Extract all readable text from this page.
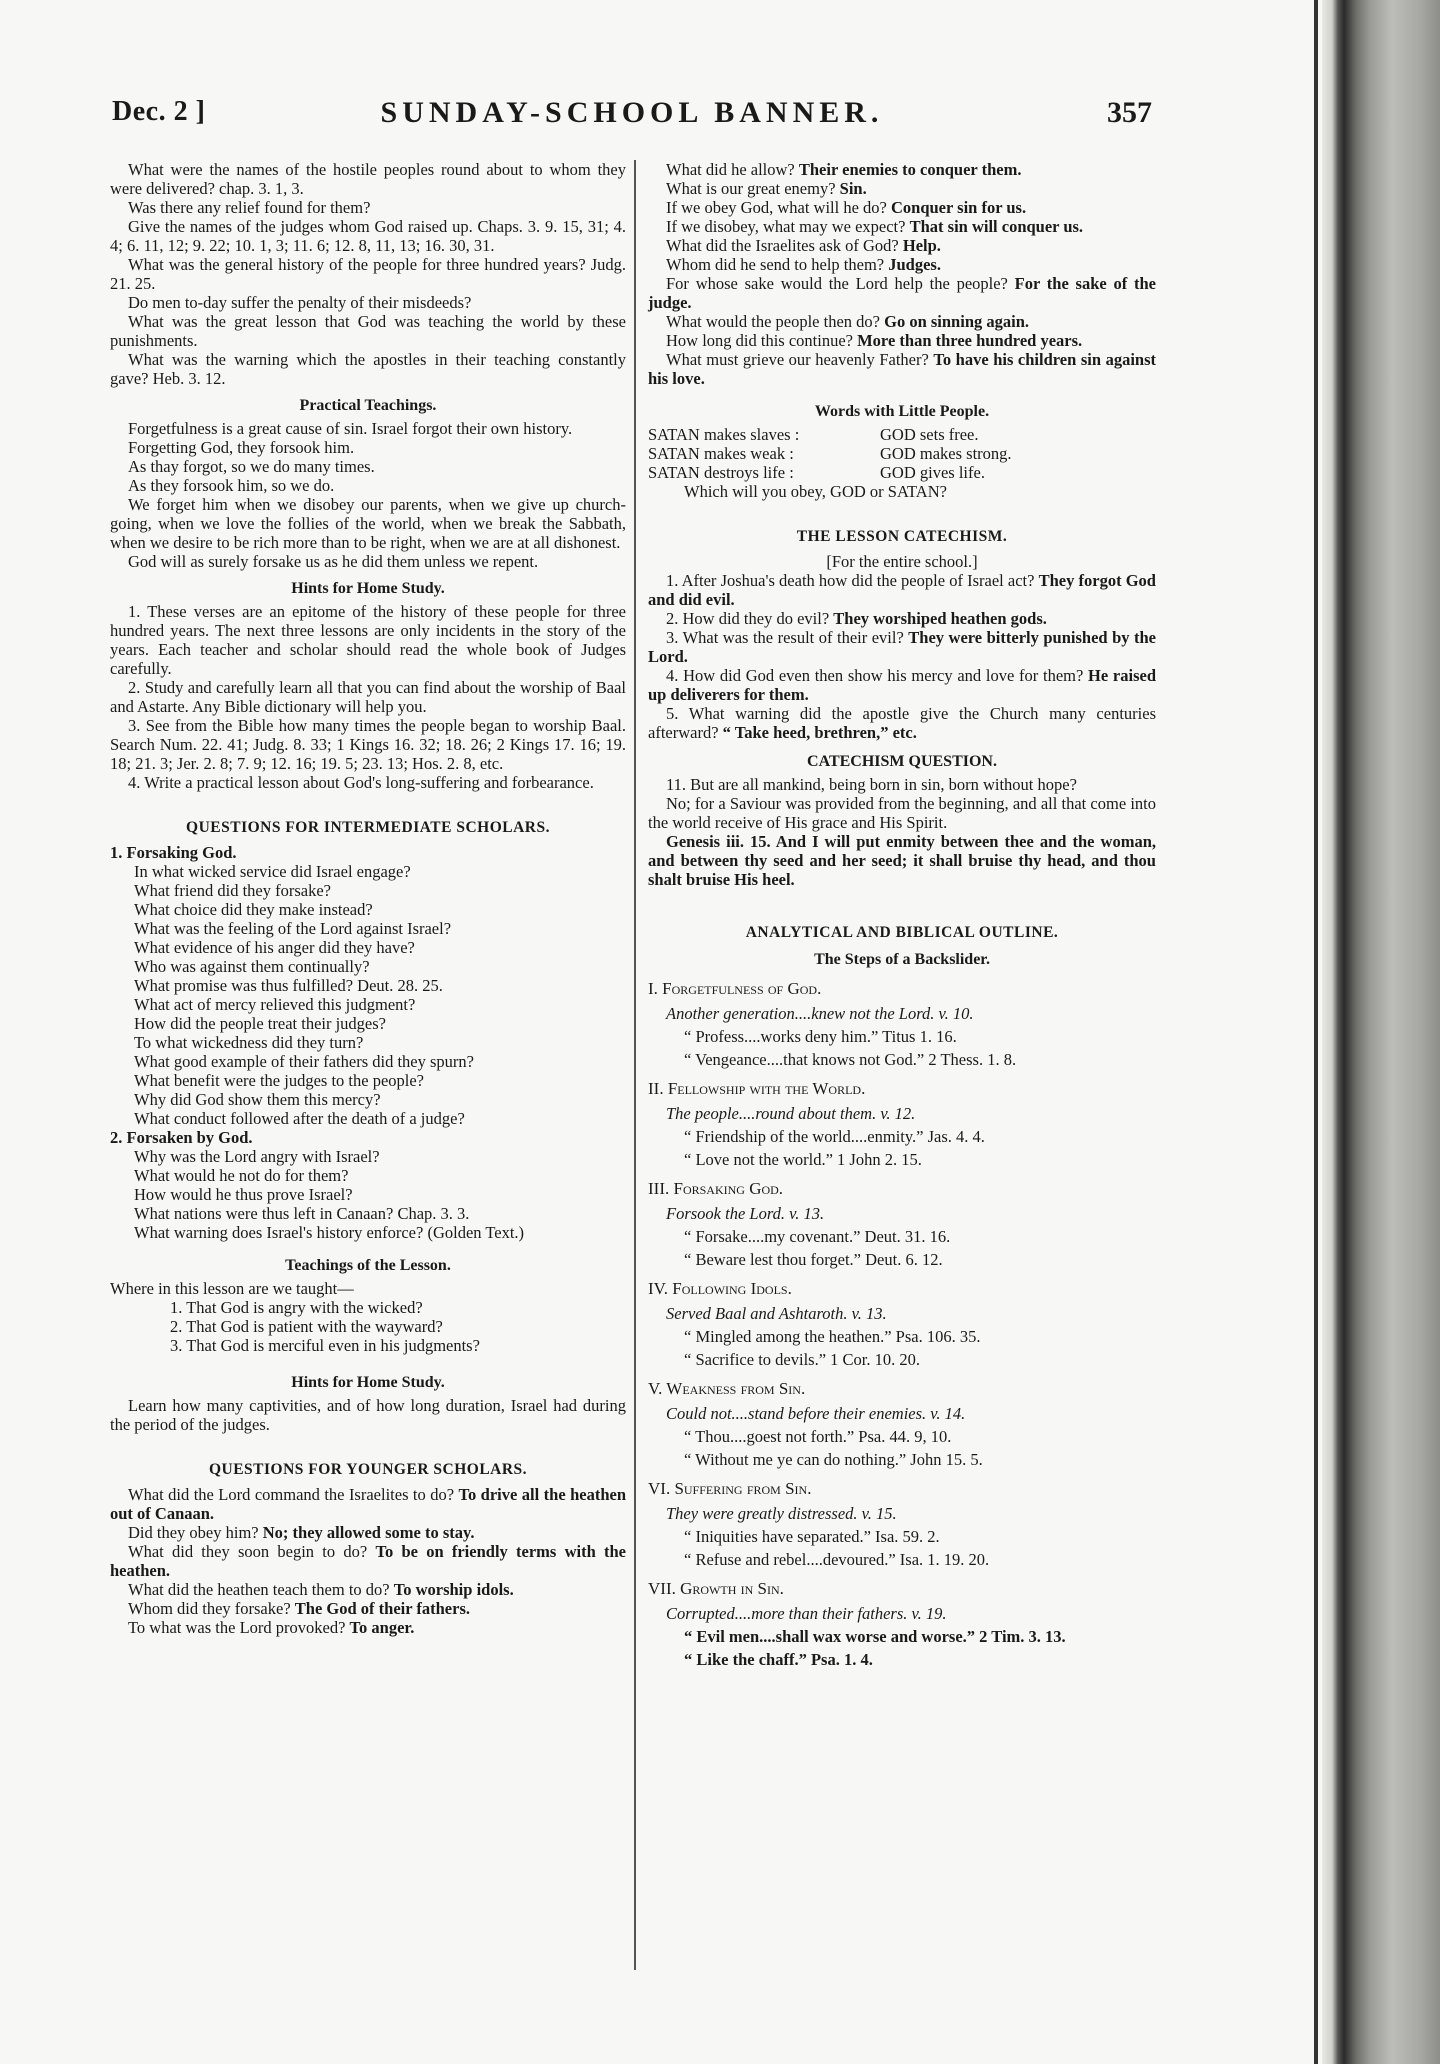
Dec. 2 ]	SUNDAY-SCHOOL BANNER.	357

What were the names of the hostile peoples round about to whom they were delivered? chap. 3. 1, 3.

Was there any relief found for them?

Give the names of the judges whom God raised up. Chaps. 3. 9. 15, 31; 4. 4; 6. 11, 12; 9. 22; 10. 1, 3; 11. 6; 12. 8, 11, 13; 16. 30, 31.

What was the general history of the people for three hundred years? Judg. 21. 25.

Do men to-day suffer the penalty of their misdeeds?

What was the great lesson that God was teaching the world by these punishments.

What was the warning which the apostles in their teaching constantly gave? Heb. 3. 12.

Practical Teachings.

Forgetfulness is a great cause of sin. Israel forgot their own history.

Forgetting God, they forsook him.

As thay forgot, so we do many times.

As they forsook him, so we do.

We forget him when we disobey our parents, when we give up church-going, when we love the follies of the world, when we break the Sabbath, when we desire to be rich more than to be right, when we are at all dishonest.

God will as surely forsake us as he did them unless we repent.

Hints for Home Study.

1. These verses are an epitome of the history of these people for three hundred years. The next three lessons are only incidents in the story of the years. Each teacher and scholar should read the whole book of Judges carefully.

2. Study and carefully learn all that you can find about the worship of Baal and Astarte. Any Bible dictionary will help you.

3. See from the Bible how many times the people began to worship Baal. Search Num. 22. 41; Judg. 8. 33; 1 Kings 16. 32; 18. 26; 2 Kings 17. 16; 19. 18; 21. 3; Jer. 2. 8; 7. 9; 12. 16; 19. 5; 23. 13; Hos. 2. 8, etc.

4. Write a practical lesson about God's long-suffering and forbearance.

QUESTIONS FOR INTERMEDIATE SCHOLARS.

1. Forsaking God.

In what wicked service did Israel engage?

What friend did they forsake?

What choice did they make instead?

What was the feeling of the Lord against Israel?

What evidence of his anger did they have?

Who was against them continually?

What promise was thus fulfilled? Deut. 28. 25.

What act of mercy relieved this judgment?

How did the people treat their judges?

To what wickedness did they turn?

What good example of their fathers did they spurn?

What benefit were the judges to the people?

Why did God show them this mercy?

What conduct followed after the death of a judge?

2. Forsaken by God.

Why was the Lord angry with Israel?

What would he not do for them?

How would he thus prove Israel?

What nations were thus left in Canaan? Chap. 3. 3.

What warning does Israel's history enforce? (Golden Text.)

Teachings of the Lesson.

Where in this lesson are we taught—

1. That God is angry with the wicked?

2. That God is patient with the wayward?

3. That God is merciful even in his judgments?

Hints for Home Study.

Learn how many captivities, and of how long duration, Israel had during the period of the judges.

QUESTIONS FOR YOUNGER SCHOLARS.

What did the Lord command the Israelites to do? To drive all the heathen out of Canaan.

Did they obey him? No; they allowed some to stay.

What did they soon begin to do? To be on friendly terms with the heathen.

What did the heathen teach them to do? To worship idols.

Whom did they forsake? The God of their fathers.

To what was the Lord provoked? To anger.

What did he allow? Their enemies to conquer them.

What is our great enemy? Sin.

If we obey God, what will he do? Conquer sin for us.

If we disobey, what may we expect? That sin will conquer us.

What did the Israelites ask of God? Help.

Whom did he send to help them? Judges.

For whose sake would the Lord help the people? For the sake of the judge.

What would the people then do? Go on sinning again.

How long did this continue? More than three hundred years.

What must grieve our heavenly Father? To have his children sin against his love.

Words with Little People.

SATAN makes slaves :	GOD sets free.

SATAN makes weak :	GOD makes strong.

SATAN destroys life :	GOD gives life.

Which will you obey, GOD or SATAN?

THE LESSON CATECHISM.

[For the entire school.]

1. After Joshua's death how did the people of Israel act? They forgot God and did evil.

2. How did they do evil? They worshiped heathen gods.

3. What was the result of their evil? They were bitterly punished by the Lord.

4. How did God even then show his mercy and love for them? He raised up deliverers for them.

5. What warning did the apostle give the Church many centuries afterward? “ Take heed, brethren,” etc.

CATECHISM QUESTION.

11. But are all mankind, being born in sin, born without hope?

No; for a Saviour was provided from the beginning, and all that come into the world receive of His grace and His Spirit.

Genesis iii. 15. And I will put enmity between thee and the woman, and between thy seed and her seed; it shall bruise thy head, and thou shalt bruise His heel.

ANALYTICAL AND BIBLICAL OUTLINE.

The Steps of a Backslider.

I. Forgetfulness of God.

Another generation....knew not the Lord. v. 10.

“ Profess....works deny him.” Titus 1. 16.

“ Vengeance....that knows not God.” 2 Thess. 1. 8.

II. Fellowship with the World.

The people....round about them. v. 12.

“ Friendship of the world....enmity.” Jas. 4. 4.

“ Love not the world.” 1 John 2. 15.

III. Forsaking God.

Forsook the Lord. v. 13.

“ Forsake....my covenant.” Deut. 31. 16.

“ Beware lest thou forget.” Deut. 6. 12.

IV. Following Idols.

Served Baal and Ashtaroth. v. 13.

“ Mingled among the heathen.” Psa. 106. 35.

“ Sacrifice to devils.” 1 Cor. 10. 20.

V. Weakness from Sin.

Could not....stand before their enemies. v. 14.

“ Thou....goest not forth.” Psa. 44. 9, 10.

“ Without me ye can do nothing.” John 15. 5.

VI. Suffering from Sin.

They were greatly distressed. v. 15.

“ Iniquities have separated.” Isa. 59. 2.

“ Refuse and rebel....devoured.” Isa. 1. 19. 20.

VII. Growth in Sin.

Corrupted....more than their fathers. v. 19.

“ Evil men....shall wax worse and worse.” 2 Tim. 3. 13.

“ Like the chaff.” Psa. 1. 4.
